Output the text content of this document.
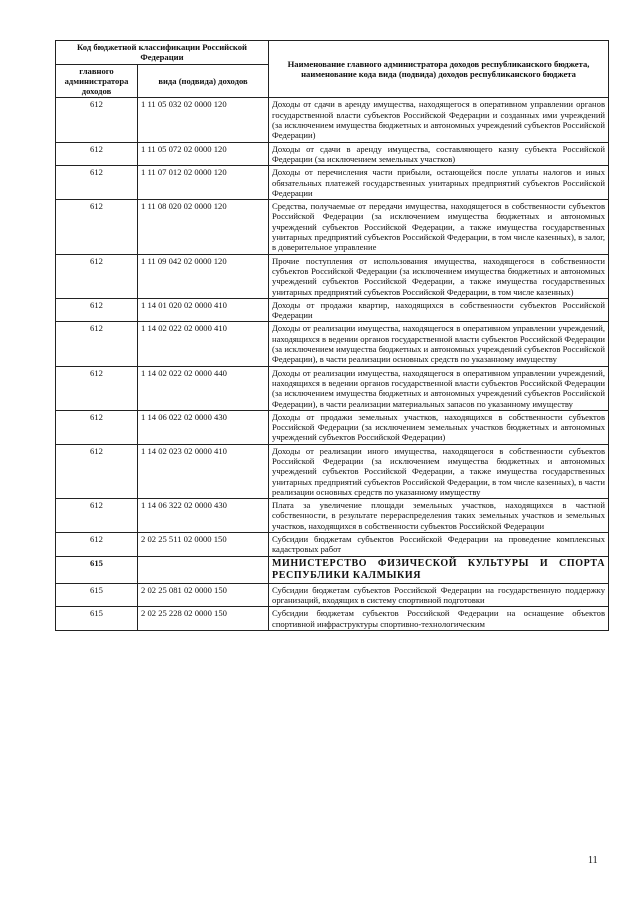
Код бюджетной классификации Российской Федерации		Наименование главного администратора доходов республиканского бюджета, наименование кода вида (подвида) доходов республиканского бюджета
главного администратора доходов	вида (подвида) доходов	
612	1 11 05 032 02 0000 120	Доходы от сдачи в аренду имущества, находящегося в оперативном управлении органов государственной власти субъектов Российской Федерации и созданных ими учреждений (за исключением имущества бюджетных и автономных учреждений субъектов Российской Федерации)
612	1 11 05 072 02 0000 120	Доходы от сдачи в аренду имущества, составляющего казну субъекта Российской Федерации (за исключением земельных участков)
612	1 11 07 012 02 0000 120	Доходы от перечисления части прибыли, остающейся после уплаты налогов и иных обязательных платежей государственных унитарных предприятий субъектов Российской Федерации
612	1 11 08 020 02 0000 120	Средства, получаемые от передачи имущества, находящегося в собственности субъектов Российской Федерации (за исключением имущества бюджетных и автономных учреждений субъектов Российской Федерации, а также имущества государственных унитарных предприятий субъектов Российской Федерации, в том числе казенных), в залог, в доверительное управление
612	1 11 09 042 02 0000 120	Прочие поступления от использования имущества, находящегося в собственности субъектов Российской Федерации (за исключением имущества бюджетных и автономных учреждений субъектов Российской Федерации, а также имущества государственных унитарных предприятий субъектов Российской Федерации, в том числе казенных)
612	1 14 01 020 02 0000 410	Доходы от продажи квартир, находящихся в собственности субъектов Российской Федерации
612	1 14 02 022 02 0000 410	Доходы от реализации имущества, находящегося в оперативном управлении учреждений, находящихся в ведении органов государственной власти субъектов Российской Федерации (за исключением имущества бюджетных и автономных учреждений субъектов Российской Федерации), в части реализации основных средств по указанному имуществу
612	1 14 02 022 02 0000 440	Доходы от реализации имущества, находящегося в оперативном управлении учреждений, находящихся в ведении органов государственной власти субъектов Российской Федерации (за исключением имущества бюджетных и автономных учреждений субъектов Российской Федерации), в части реализации материальных запасов по указанному имуществу
612	1 14 06 022 02 0000 430	Доходы от продажи земельных участков, находящихся в собственности субъектов Российской Федерации (за исключением земельных участков бюджетных и автономных учреждений субъектов Российской Федерации)
612	1 14 02 023 02 0000 410	Доходы от реализации иного имущества, находящегося в собственности субъектов Российской Федерации (за исключением имущества бюджетных и автономных учреждений субъектов Российской Федерации, а также имущества государственных унитарных предприятий субъектов Российской Федерации, в том числе казенных), в части реализации основных средств по указанному имуществу
612	1 14 06 322 02 0000 430	Плата за увеличение площади земельных участков, находящихся в частной собственности, в результате перераспределения таких земельных участков и земельных участков, находящихся в собственности субъектов Российской Федерации
612	2 02 25 511 02 0000 150	Субсидии бюджетам субъектов Российской Федерации на проведение комплексных кадастровых работ
615		МИНИСТЕРСТВО ФИЗИЧЕСКОЙ КУЛЬТУРЫ И СПОРТА РЕСПУБЛИКИ КАЛМЫКИЯ
615	2 02 25 081 02 0000 150	Субсидии бюджетам субъектов Российской Федерации на государственную поддержку организаций, входящих в систему спортивной подготовки
615	2 02 25 228 02 0000 150	Субсидии бюджетам субъектов Российской Федерации на оснащение объектов спортивной инфраструктуры спортивно-технологическим
11
